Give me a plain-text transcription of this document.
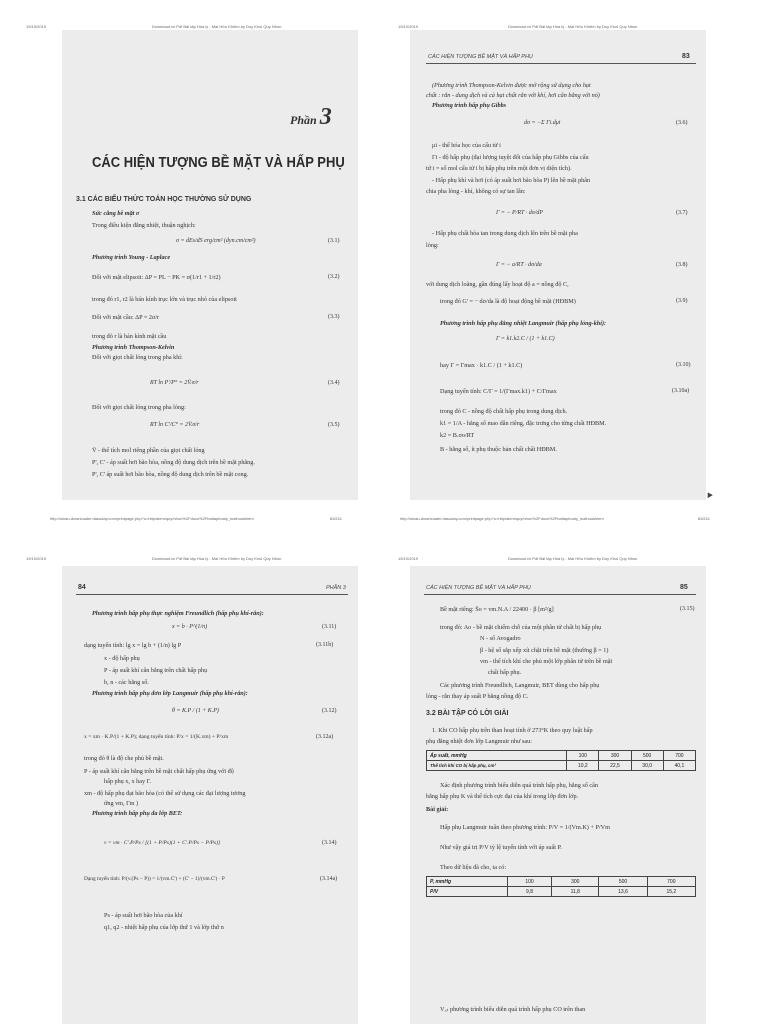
19/10/2019	Download.vn Pdf Bài tập Hóa lý - Mai Hữu Khiêm by Duy Khoi Quy Nhon
Phần 3
CÁC HIỆN TƯỢNG BỀ MẶT VÀ HẤP PHỤ
3.1 CÁC BIỂU THỨC TOÁN HỌC THƯỜNG SỬ DỤNG
Sức căng bề mặt σ
Trong điều kiện đẳng nhiệt, thuận nghịch:
σ = dEs/dS erg/cm² (dyn.cm/cm²)	(3.1)
Phương trình Young - Laplace
Đối với mặt elipsoit: ΔP = PL − PK = σ(1/r1 + 1/r2)	(3.2)
trong đó r1, r2 là bán kính trục lớn và trục nhỏ của elipsoit
Đối với mặt cầu: ΔP = 2σ/r	(3.3)
trong đó r là bán kính mặt cầu
Phương trình Thompson-Kelvin
Đối với giọt chất lỏng trong pha khí:
RT ln P'/P° = 2V̄.σ/r	(3.4)
Đối với giọt chất lỏng trong pha lỏng:
RT ln C'/C° = 2V̄.σ/r	(3.5)
V̄ - thể tích mol riêng phần của giọt chất lỏng
P', C' - áp suất hơi bão hòa, nồng độ dung dịch trên bề mặt phẳng.
P', C' áp suất hơi bão hòa, nồng độ dung dịch trên bề mặt cong.
19/10/2019	Download.vn Pdf Bài tập Hóa lý - Mai Hữu Khiêm by Duy Khoi Quy Nhon
CÁC HIỆN TƯỢNG BỀ MẶT VÀ HẤP PHỤ	83
(Phương trình Thompson-Kelvin được mở rộng sử dụng cho hạt
chất : rắn - dung dịch và cả hạt chất rắn với khí, hơi cân bằng với nó)
Phương trình hấp phụ Gibbs
dσ = −Σ Γi.dμi	(3.6)
μi - thế hóa học của cấu tử i
Γi - độ hấp phụ (đại lượng tuyệt đối của hấp phụ Gibbs của cấu
tử i = số mol cấu tử i bị hấp phụ trên một đơn vị diện tích).
- Hấp phụ khí và hơi (có áp suất hơi bão hòa P) lên bề mặt phân
chia pha lỏng - khí, không có sự tan lẫn:
Γ = − P/RT · dσ/dP	(3.7)
- Hấp phụ chất hòa tan trong dung dịch lên trên bề mặt pha
lỏng:
Γ = − a/RT · dσ/da	(3.8)
với dung dịch loãng, gần đúng lấy hoạt độ a = nồng độ C,
trong đó G' = − dσ/da là độ hoạt động bề mặt (HĐBM)	(3.9)
Phương trình hấp phụ đẳng nhiệt Langmuir (hấp phụ lỏng-khí):
Γ = k1.k2.C / (1 + k1.C)
hay Γ = Γmax · k1.C / (1 + k1.C)	(3.10)
Dạng tuyến tính: C/Γ = 1/(Γmax.k1) + C/Γmax	(3.10a)
trong đó C - nồng độ chất hấp phụ trong dung dịch.
k1 = 1/A - hằng số mao dẫn riêng, đặc trưng cho từng chất HĐBM.
k2 = B.σo/RT
B - hằng số, ít phụ thuộc bản chất chất HĐBM.
http://sinau-downloader.dasuday.com/printpage.php?u=http/aiem/quy/nhon%2Fdocs%2Fbaitaphoaly_maihuukhiem	83/211
19/10/2019	Download.vn Pdf Bài tập Hóa lý - Mai Hữu Khiêm by Duy Khoi Quy Nhon
84	PHẦN 3
Phương trình hấp phụ thực nghiệm Freundlich (hấp phụ khí-rắn):
x = b · P^(1/n)	(3.11)
dạng tuyến tính: lg x = lg b + (1/n) lg P	(3.11b)
x - độ hấp phụ
P - áp suất khí cân bằng trên chất hấp phụ
b, n - các hằng số.
Phương trình hấp phụ đơn lớp Langmuir (hấp phụ khí-rắn):
θ = K.P / (1 + K.P)	(3.12)
x = xm · K.P/(1 + K.P); dạng tuyến tính: P/x = 1/(K.xm) + P/xm	(3.12a)
trong đó θ là độ che phủ bề mặt.
P - áp suất khí cân bằng trên bề mặt chất hấp phụ ứng với độ
hấp phụ x, x hay Γ.
xm - độ hấp phụ đạt bão hòa (có thể sử dụng các đại lượng tương
ứng vm, Γm )
Phương trình hấp phụ đa lớp BET:
v = vm · C'.P/Ps / [(1 + P/Ps)(1 + C'.P/Ps − P/Ps)]	(3.14)
Dạng tuyến tính: P/(v.(Ps − P)) = 1/(vm.C') + (C' − 1)/(vm.C') · P	(3.14a)
Ps - áp suất hơi bão hòa của khí
q1, q2 - nhiệt hấp phụ của lớp thứ 1 và lớp thứ n
http://sinau-downloader.dasuday.com/printpage.php?u=http/aiem/quy/nhon%2Fdocs%2Fbaitaphoaly_maihuukhiem	83/211
19/10/2019	Download.vn Pdf Bài tập Hóa lý - Mai Hữu Khiêm by Duy Khoi Quy Nhon
CÁC HIỆN TƯỢNG BỀ MẶT VÀ HẤP PHỤ	85
Bề mặt riêng: S̄o = vm.N.A / 22400 · β [m²/g]	(3.15)
trong đó: Ao - bề mặt chiếm chỗ của một phân tử chất bị hấp phụ
N - số Avogadro
β - hệ số sắp xếp xít chặt trên bề mặt (thường β = 1)
vm - thể tích khí che phủ một lớp phân tử trên bề mặt
chất hấp phụ.
Các phương trình Freundlich, Langmuir, BET dùng cho hấp phụ
lỏng - rắn thay áp suất P bằng nồng độ C.
3.2 BÀI TẬP CÓ LỜI GIẢI
1. Khi CO hấp phụ trên than hoạt tính ở 273°K theo quy luật hấp
phụ đẳng nhiệt đơn lớp Langmuir như sau:
Áp suất, mmHg	100	300	500	700
Thể tích khí CO bị hấp phụ, cm³	10,2	22,5	30,0	40,1
Xác định phương trình biểu diễn quá trình hấp phụ, hằng số cân
bằng hấp phụ K và thể tích cực đại của khí trong lớp đơn lớp.
Bài giải:
Hấp phụ Langmuir tuân theo phương trình: P/V = 1/(Vm.K) + P/Vm
Như vậy giá trị P/V tỷ lệ tuyến tính với áp suất P.
Theo dữ liệu đã cho, ta có:
P, mmHg	100	300	500	700
P/V	9,8	11,8	13,6	15,2
V₃ₜ phương trình biểu diễn quá trình hấp phụ CO trên than
